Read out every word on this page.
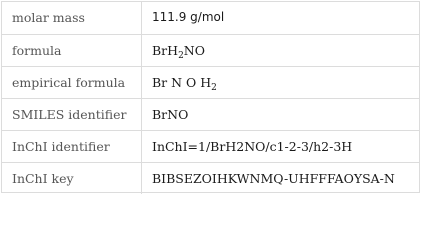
molar mass	111.9 g/mol
formula	BrH$_2$NO
empirical formula	Br N O $H_2$
SMILES identifier	BrNO
InChI identifier	InChI=1/BrH2NO/c1-2-3/h2-3H
InChI key	BIBSEZOIHKWNMQ-UHFFFAOYSA-N
